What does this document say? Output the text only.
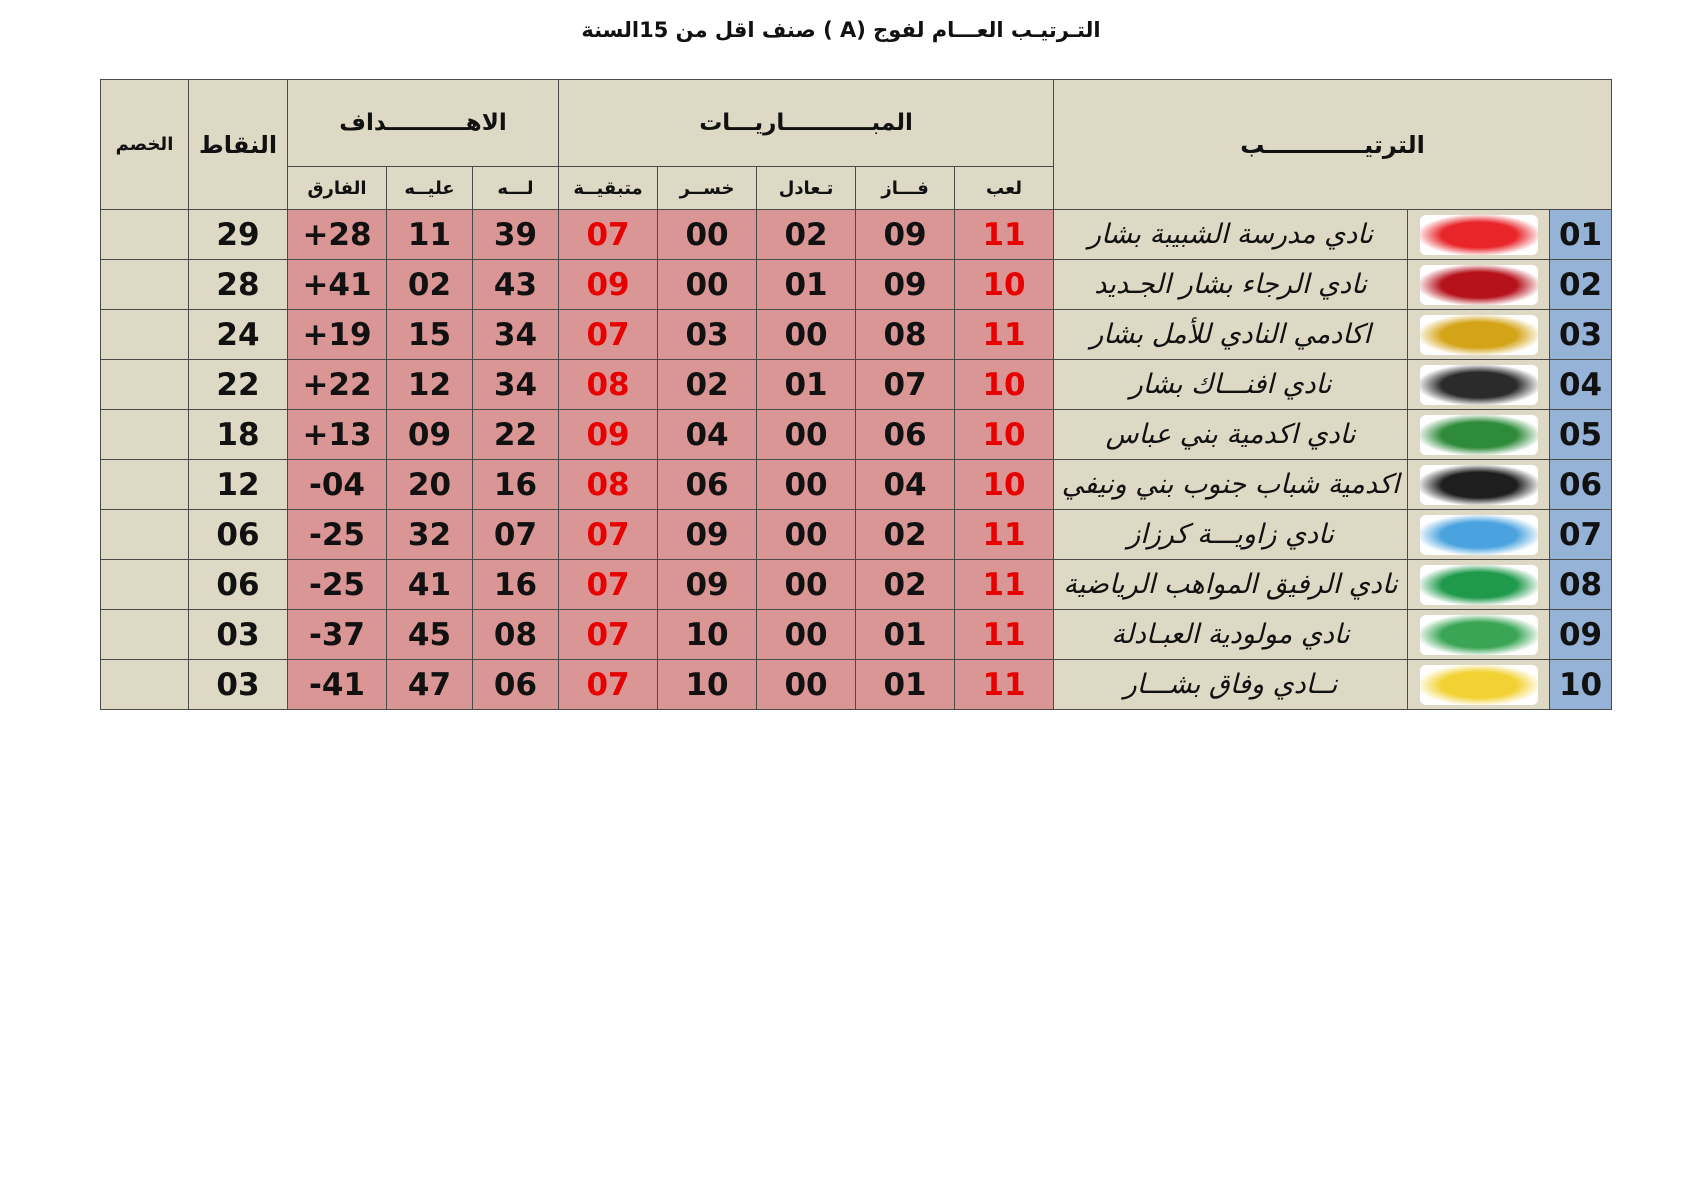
التـرتيـب العـــام لفوج (A ) صنف اقل من 15السنة
الترتيــــــــــــب			المبـــــــــــاريـــات					الاهــــــــــداف			النقاط	الخصم
			لعب	فـــاز	تـعادل	خســر	متبقيــة	لـــه	عليــه	الفارق		
01		نادي مدرسة الشبيبة بشار	11	09	02	00	07	39	11	+28	29	
02		نادي الرجاء بشار الجـديد	10	09	01	00	09	43	02	+41	28	
03		اكادمي النادي للأمل بشار	11	08	00	03	07	34	15	+19	24	
04		نادي افنـــاك بشار	10	07	01	02	08	34	12	+22	22	
05		نادي اكدمية بني عباس	10	06	00	04	09	22	09	+13	18	
06		اكدمية شباب جنوب بني ونيفي	10	04	00	06	08	16	20	-04	12	
07		نادي زاويـــة كرزاز	11	02	00	09	07	07	32	-25	06	
08		نادي الرفيق المواهب الرياضية	11	02	00	09	07	16	41	-25	06	
09		نادي مولودية العبـادلة	11	01	00	10	07	08	45	-37	03	
10		نــادي وفاق بشـــار	11	01	00	10	07	06	47	-41	03	
